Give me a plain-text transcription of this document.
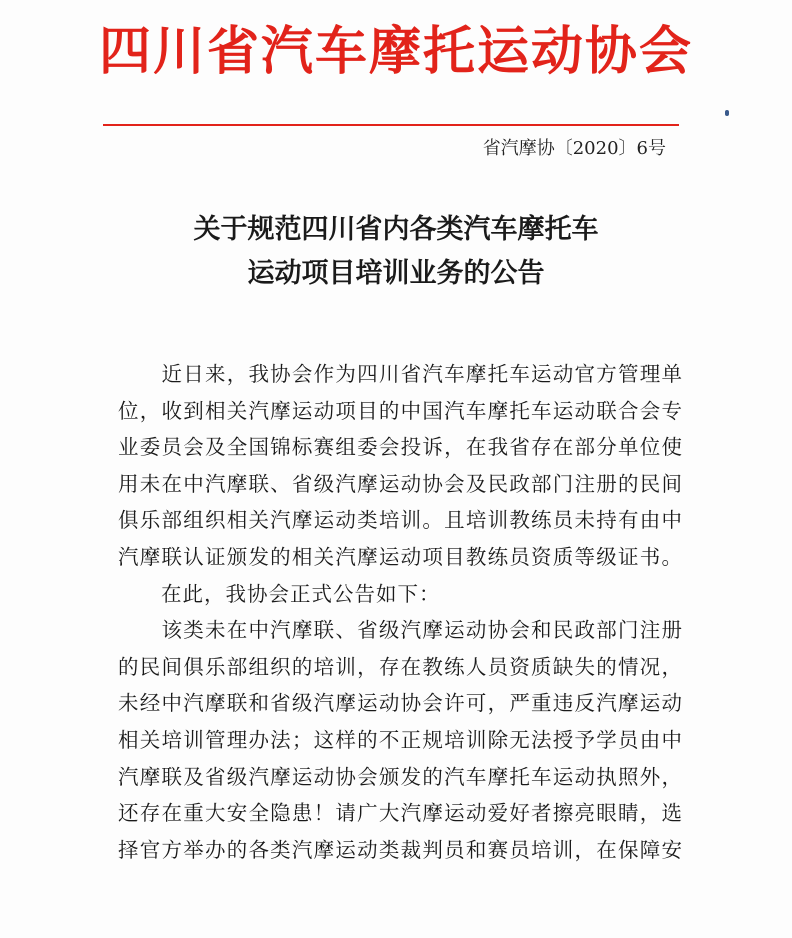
四川省汽车摩托运动协会
省汽摩协〔2020〕6号
关于规范四川省内各类汽车摩托车
运动项目培训业务的公告
　　近日来，我协会作为四川省汽车摩托车运动官方管理单
位，收到相关汽摩运动项目的中国汽车摩托车运动联合会专
业委员会及全国锦标赛组委会投诉，在我省存在部分单位使
用未在中汽摩联、省级汽摩运动协会及民政部门注册的民间
俱乐部组织相关汽摩运动类培训。且培训教练员未持有由中
汽摩联认证颁发的相关汽摩运动项目教练员资质等级证书。
　　在此，我协会正式公告如下：
　　该类未在中汽摩联、省级汽摩运动协会和民政部门注册
的民间俱乐部组织的培训，存在教练人员资质缺失的情况，
未经中汽摩联和省级汽摩运动协会许可，严重违反汽摩运动
相关培训管理办法；这样的不正规培训除无法授予学员由中
汽摩联及省级汽摩运动协会颁发的汽车摩托车运动执照外，
还存在重大安全隐患！请广大汽摩运动爱好者擦亮眼睛，选
择官方举办的各类汽摩运动类裁判员和赛员培训，在保障安
